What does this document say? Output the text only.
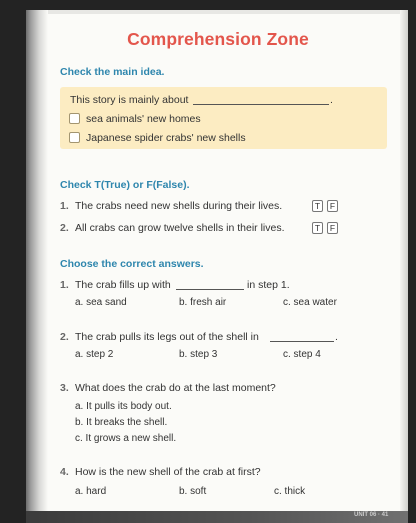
Comprehension Zone
Check the main idea.
This story is mainly about	.
sea animals' new homes
Japanese spider crabs' new shells
Check T(True) or F(False).
1. The crabs need new shells during their lives.	T	F
2. All crabs can grow twelve shells in their lives.	T	F
Choose the correct answers.
1. The crab fills up with	in step 1.
a. sea sand	b. fresh air	c. sea water
2. The crab pulls its legs out of the shell in	.
a. step 2	b. step 3	c. step 4
3. What does the crab do at the last moment?
a. It pulls its body out.
b. It breaks the shell.
c. It grows a new shell.
4. How is the new shell of the crab at first?
a. hard	b. soft	c. thick
UNIT 06 · 41
